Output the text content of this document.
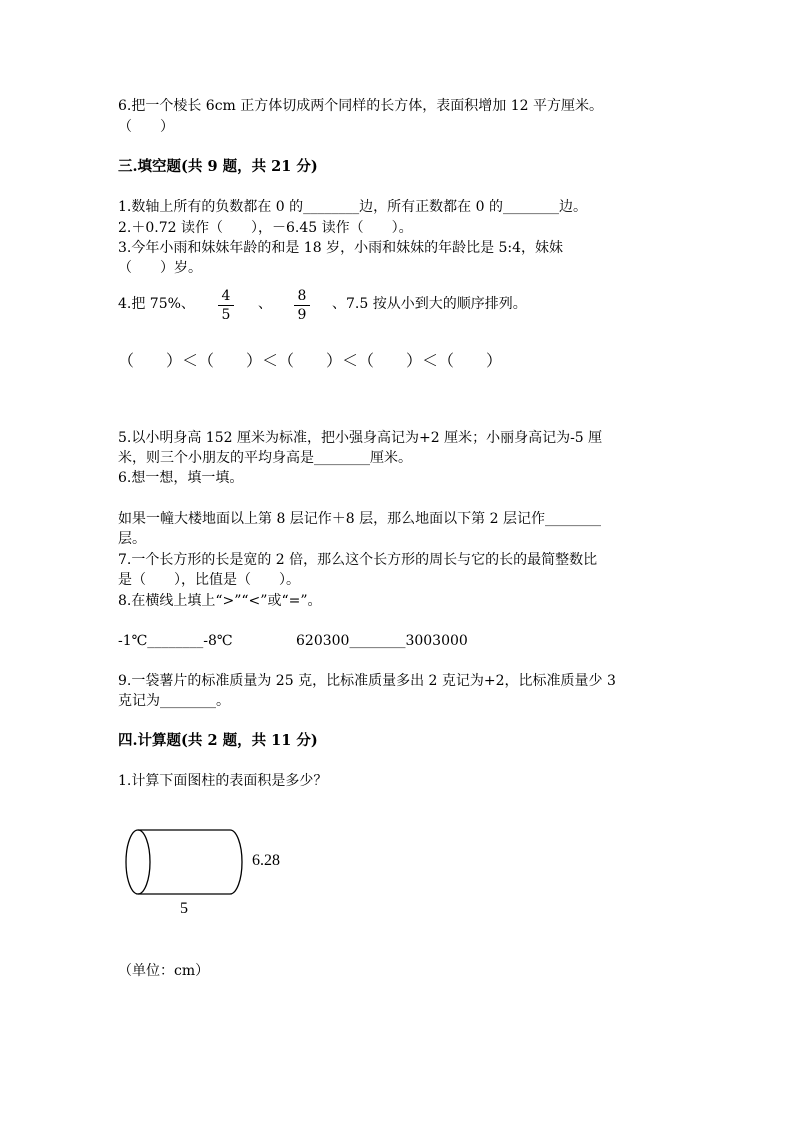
6.把一个棱长 6cm 正方体切成两个同样的长方体，表面积增加 12 平方厘米。
（　　）
三.填空题(共 9 题，共 21 分)
1.数轴上所有的负数都在 0 的________边，所有正数都在 0 的________边。
2.＋0.72 读作（　　），－6.45 读作（　　）。
3.今年小雨和妹妹年龄的和是 18 岁，小雨和妹妹的年龄比是 5:4，妹妹
（　　）岁。
4.把 75%、 4
5
、 8
9
、7.5 按从小到大的顺序排列。
（　　）＜（　　）＜（　　）＜（　　）＜（　　）
5.以小明身高 152 厘米为标准，把小强身高记为+2 厘米；小丽身高记为-5 厘
米，则三个小朋友的平均身高是________厘米。
6.想一想，填一填。
如果一幢大楼地面以上第 8 层记作＋8 层，那么地面以下第 2 层记作________
层。
7.一个长方形的长是宽的 2 倍，那么这个长方形的周长与它的长的最简整数比
是（　　），比值是（　　）。
8.在横线上填上“>”“<”或“=”。
-1℃________-8℃	620300________3003000
9.一袋薯片的标准质量为 25 克，比标准质量多出 2 克记为+2，比标准质量少 3
克记为________。
四.计算题(共 2 题，共 11 分)
1.计算下面图柱的表面积是多少？
6.28
5
（单位：cm）
